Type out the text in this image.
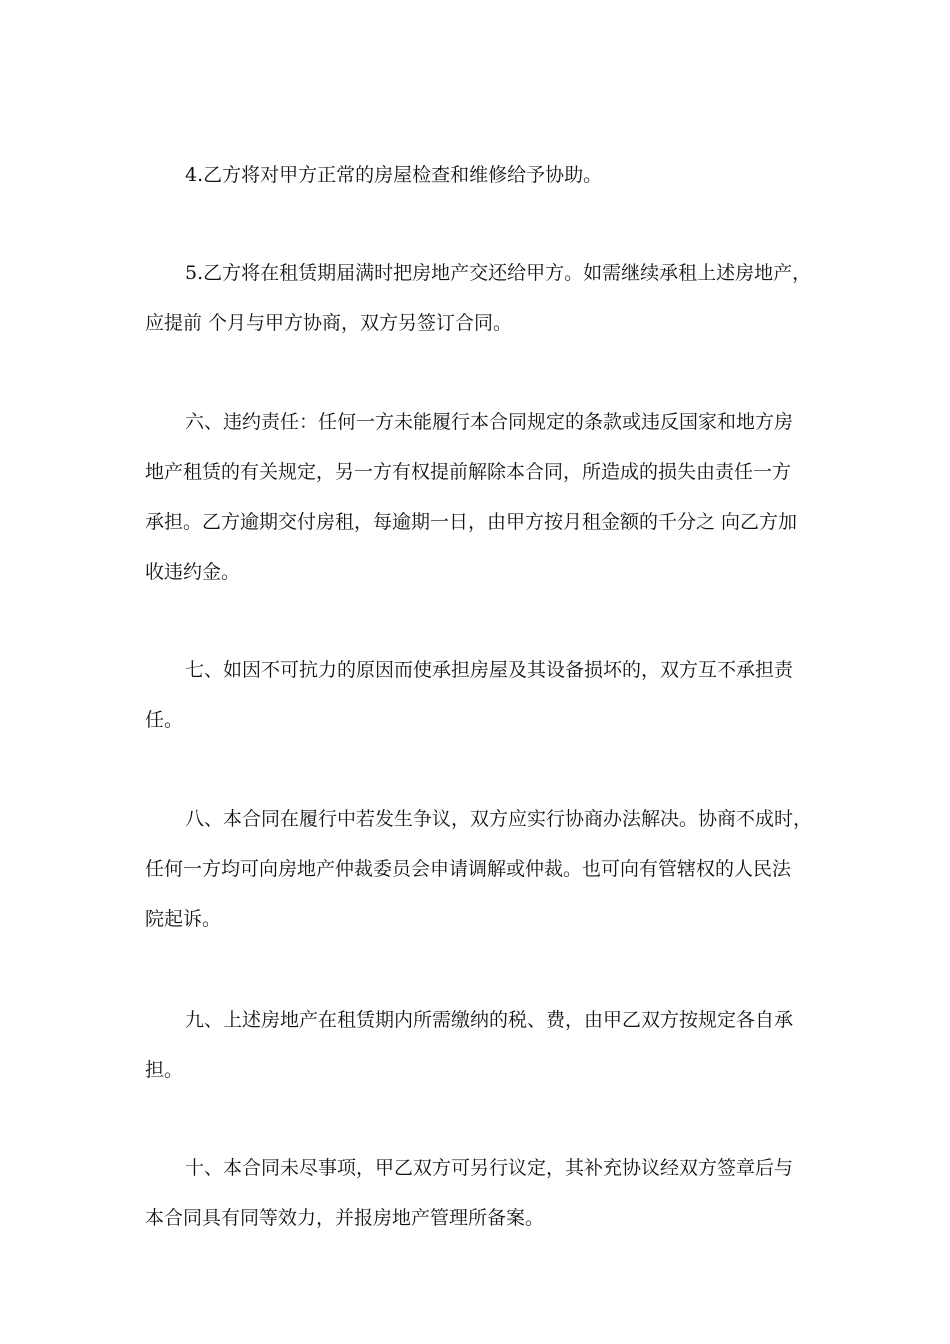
4.乙方将对甲方正常的房屋检查和维修给予协助。

5.乙方将在租赁期届满时把房地产交还给甲方。如需继续承租上述房地产，
应提前 个月与甲方协商，双方另签订合同。

六、违约责任：任何一方未能履行本合同规定的条款或违反国家和地方房
地产租赁的有关规定，另一方有权提前解除本合同，所造成的损失由责任一方
承担。乙方逾期交付房租，每逾期一日，由甲方按月租金额的千分之 向乙方加
收违约金。

七、如因不可抗力的原因而使承担房屋及其设备损坏的，双方互不承担责
任。

八、本合同在履行中若发生争议，双方应实行协商办法解决。协商不成时，
任何一方均可向房地产仲裁委员会申请调解或仲裁。也可向有管辖权的人民法
院起诉。

九、上述房地产在租赁期内所需缴纳的税、费，由甲乙双方按规定各自承
担。

十、本合同未尽事项，甲乙双方可另行议定，其补充协议经双方签章后与
本合同具有同等效力，并报房地产管理所备案。
